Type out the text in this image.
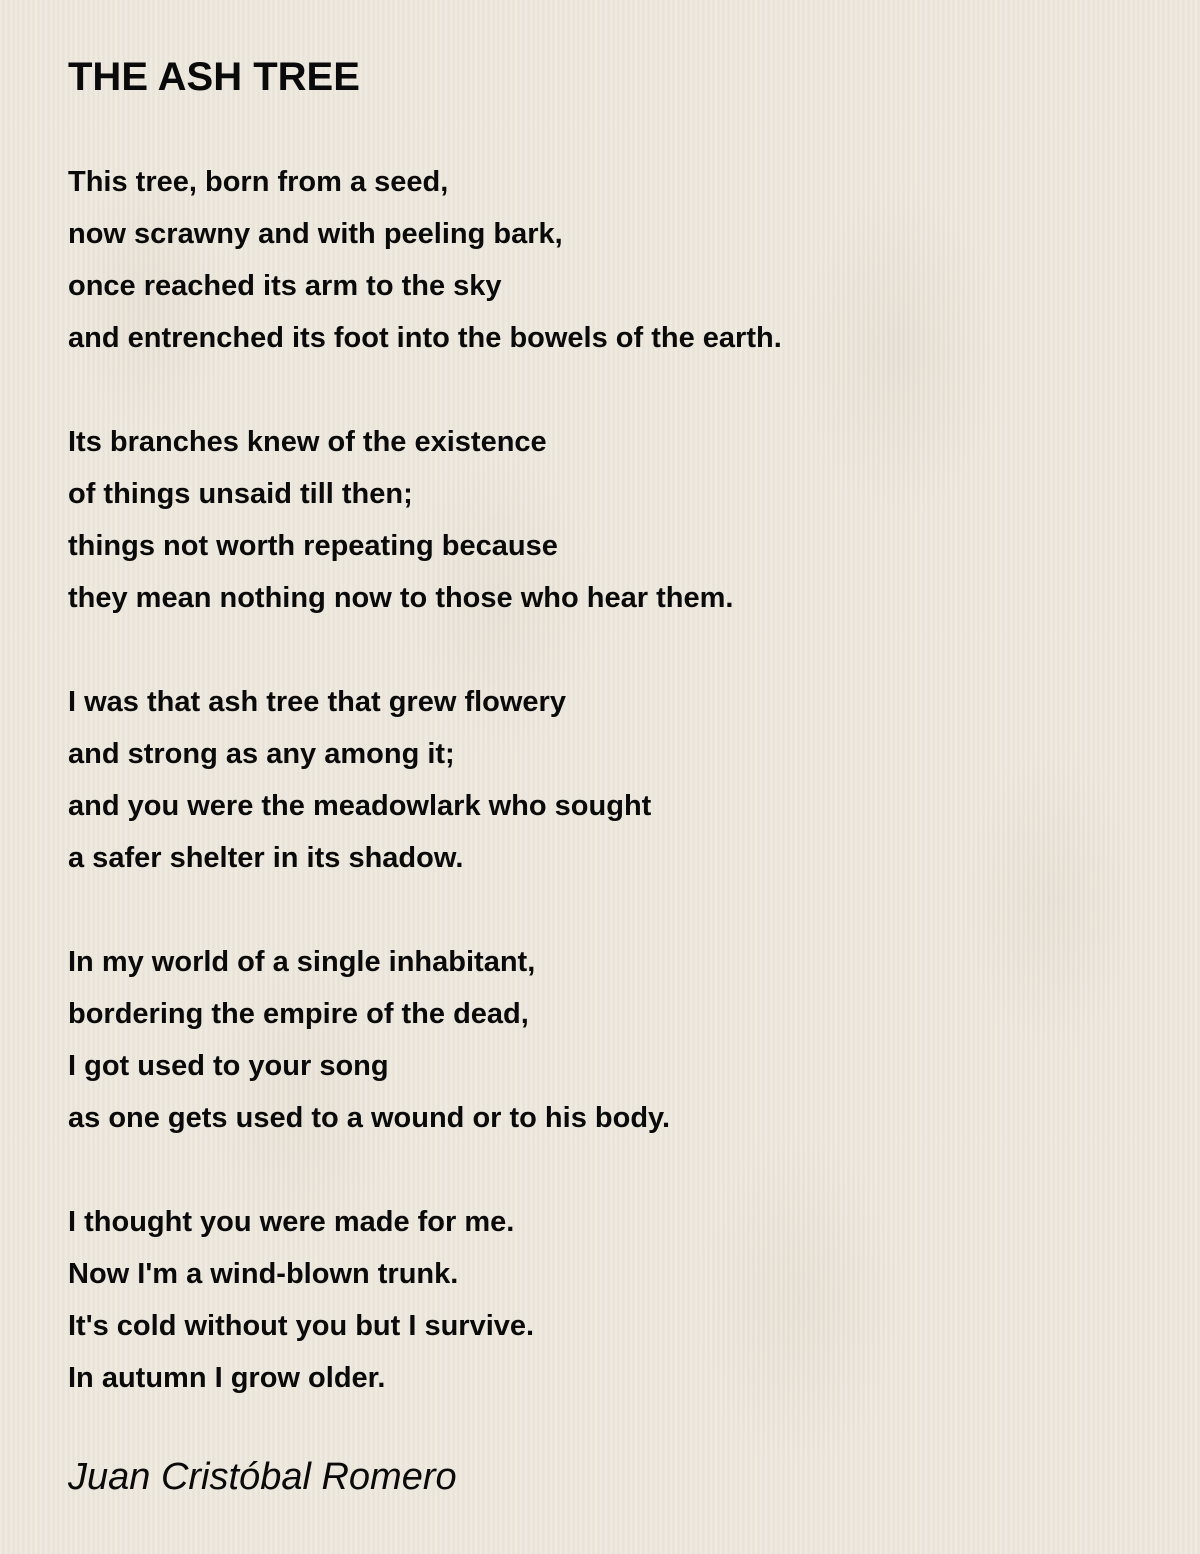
THE ASH TREE
This tree, born from a seed,
now scrawny and with peeling bark,
once reached its arm to the sky
and entrenched its foot into the bowels of the earth.
Its branches knew of the existence
of things unsaid till then;
things not worth repeating because
they mean nothing now to those who hear them.
I was that ash tree that grew flowery
and strong as any among it;
and you were the meadowlark who sought
a safer shelter in its shadow.
In my world of a single inhabitant,
bordering the empire of the dead,
I got used to your song
as one gets used to a wound or to his body.
I thought you were made for me.
Now I'm a wind-blown trunk.
It's cold without you but I survive.
In autumn I grow older.
Juan Cristóbal Romero
